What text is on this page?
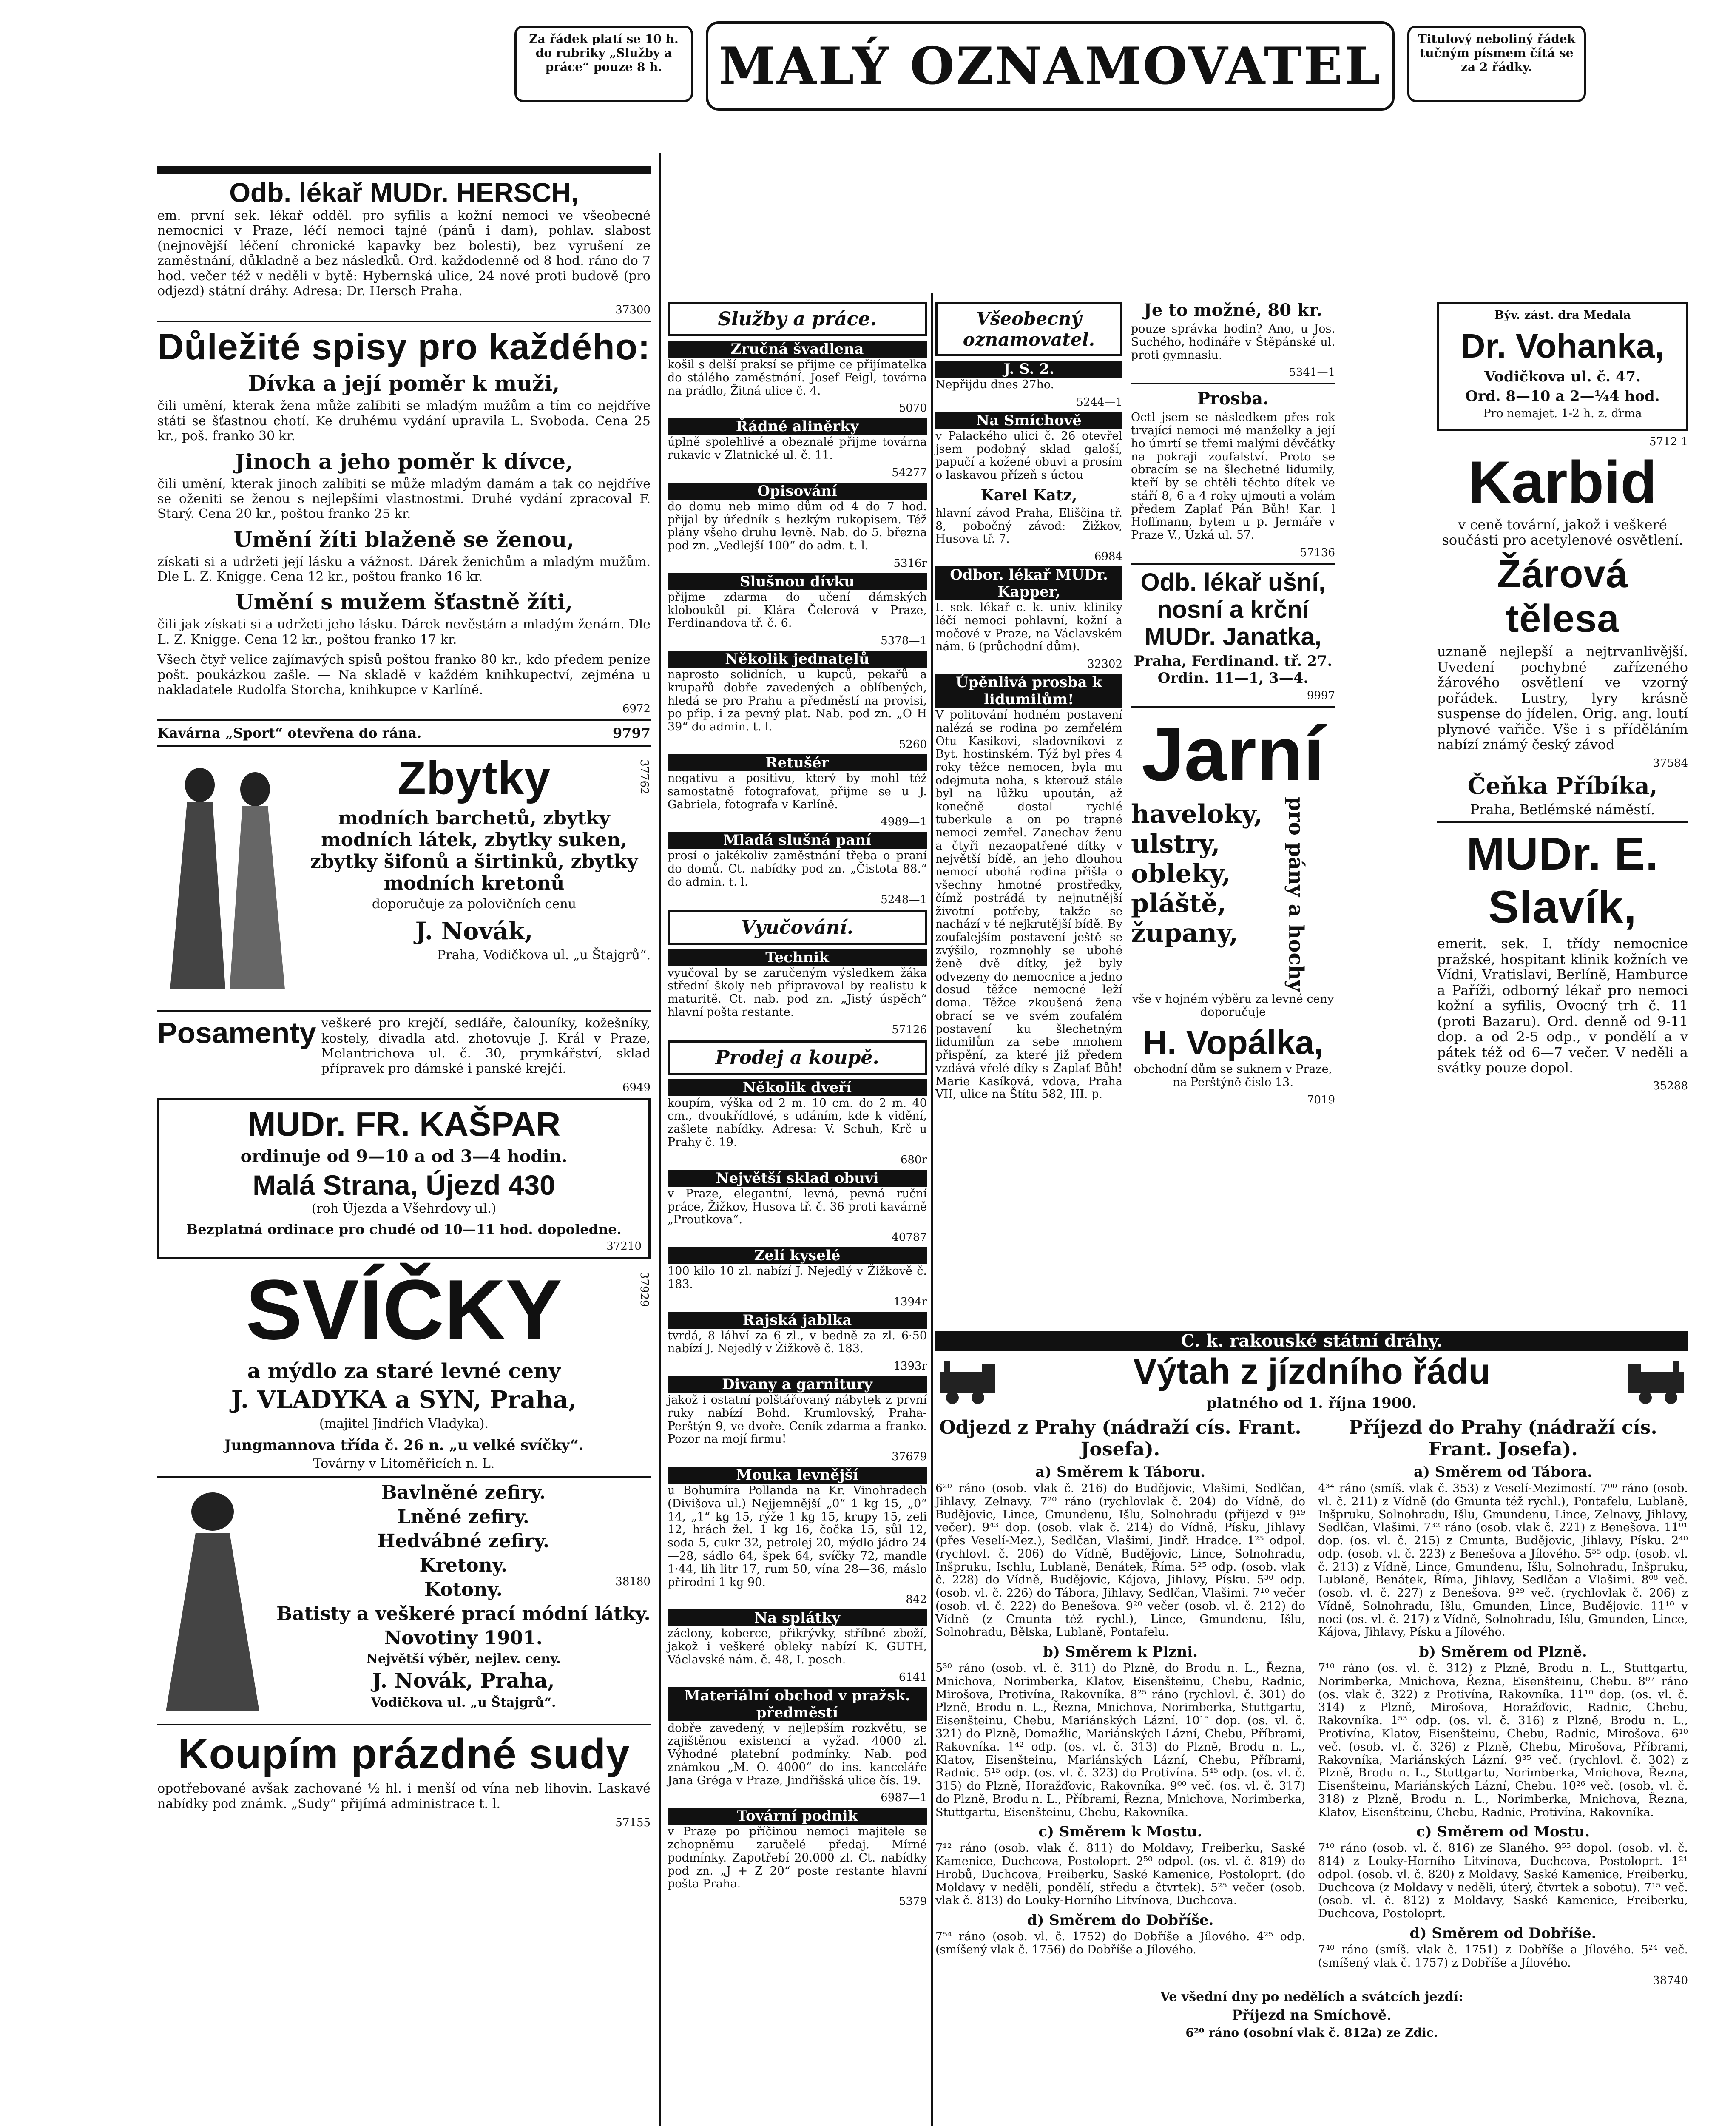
Za řádek platí se 10 h. do rubriky „Služby a práce“ pouze 8 h.	MALÝ OZNAMOVATEL	Titulový neboliný řádek tučným písmem čítá se za 2 řádky.
Odb. lékař MUDr. HERSCH,
em. první sek. lékař odděl. pro syfilis a kožní nemoci ve všeobecné nemocnici v Praze, léčí nemoci tajné (pánů i dam), pohlav. slabost (nejnovější léčení chronické kapavky bez bolesti), bez vyrušení ze zaměstnání, důkladně a bez následků. Ord. každodenně od 8 hod. ráno do 7 hod. večer též v neděli v bytě: Hybernská ulice, 24 nové proti budově (pro odjezd) státní dráhy. Adresa: Dr. Hersch Praha.
37300
Důležité spisy pro každého:
Dívka a její poměr k muži,
čili umění, kterak žena může zalíbiti se mladým mužům a tím co nejdříve státi se šťastnou chotí. Ke druhému vydání upravila L. Svoboda. Cena 25 kr., poš. franko 30 kr.
Jinoch a jeho poměr k dívce,
čili umění, kterak jinoch zalíbiti se může mladým damám a tak co nejdříve se oženiti se ženou s nejlepšími vlastnostmi. Druhé vydání zpracoval F. Starý. Cena 20 kr., poštou franko 25 kr.
Umění žíti blaženě se ženou,
získati si a udržeti její lásku a vážnost. Dárek ženichům a mladým mužům. Dle L. Z. Knigge. Cena 12 kr., poštou franko 16 kr.
Umění s mužem šťastně žíti,
čili jak získati si a udržeti jeho lásku. Dárek nevěstám a mladým ženám. Dle L. Z. Knigge. Cena 12 kr., poštou franko 17 kr.
Všech čtyř velice zajímavých spisů poštou franko 80 kr., kdo předem peníze pošt. poukázkou zašle. — Na skladě v každém knihkupectví, zejména u nakladatele Rudolfa Storcha, knihkupce v Karlíně.
6972
Kavárna „Sport“ otevřena do rána.	9797
Zbytky
modních barchetů, zbytky modních látek, zbytky suken, zbytky šifonů a širtinků, zbytky modních kretonů
doporučuje za polovičních cenu
J. Novák,
Praha, Vodičkova ul. „u Štajgrů“.
37762
Posamenty veškeré pro krejčí, sedláře, čalouníky, kožešníky, kostely, divadla atd. zhotovuje J. Král v Praze, Melantrichova ul. č. 30, prymkářství, sklad přípravek pro dámské i panské krejčí.
6949
MUDr. FR. KAŠPAR
ordinuje od 9—10 a od 3—4 hodin.
Malá Strana, Újezd 430
(roh Újezda a Všehrdovy ul.)
Bezplatná ordinace pro chudé od 10—11 hod. dopoledne.
37210
SVÍČKY
a mýdlo za staré levné ceny
J. VLADYKA a SYN, Praha,
(majitel Jindřich Vladyka).
Jungmannova třída č. 26 n. „u velké svíčky“.
Továrny v Litoměřicích n. L.
37929
Bavlněné zefiry.
Lněné zefiry.
Hedvábné zefiry.
Kretony.
Kotony.
Batisty a veškeré prací módní látky.
Novotiny 1901.
Největší výběr, nejlev. ceny.
J. Novák, Praha,
Vodičkova ul. „u Štajgrů“.
38180
Koupím prázdné sudy
opotřebované avšak zachované ½ hl. i menší od vína neb lihovin. Laskavé nabídky pod známk. „Sudy“ přijímá administrace t. l.
57155
Služby a práce.
Zručná švadlena
košil s delší praksí se přijme ce přijímatelka do stálého zaměstnání. Josef Feigl, továrna na prádlo, Žitná ulice č. 4.
5070
Řádné aliněrky
úplně spolehlivé a obeznalé přijme továrna rukavic v Zlatnické ul. č. 11.
54277
Opisování
do domu neb mimo dům od 4 do 7 hod. přijal by úředník s hezkým rukopisem. Též plány všeho druhu levně. Nab. do 5. března pod zn. „Vedlejší 100“ do adm. t. l.
5316r
Slušnou dívku
přijme zdarma do učení dámských kloboukůl pí. Klára Čelerová v Praze, Ferdinandova tř. č. 6.
5378—1
Několik jednatelů
naprosto solidních, u kupců, pekařů a krupařů dobře zavedených a oblíbených, hledá se pro Prahu a předměstí na provisi, po přip. i za pevný plat. Nab. pod zn. „O H 39“ do admin. t. l.
5260
Retušér
negativu a positivu, který by mohl též samostatně fotografovat, přijme se u J. Gabriela, fotografa v Karlíně.
4989—1
Mladá slušná paní
prosí o jakékoliv zaměstnání třeba o praní do domů. Ct. nabídky pod zn. „Čistota 88.“ do admin. t. l.
5248—1
Vyučování.
Technik
vyučoval by se zaručeným výsledkem žáka střední školy neb připravoval by realistu k maturitě. Ct. nab. pod zn. „Jistý úspěch“ hlavní pošta restante.
57126
Prodej a koupě.
Několik dveří
koupím, výška od 2 m. 10 cm. do 2 m. 40 cm., dvoukřídlové, s udáním, kde k vidění, zašlete nabídky. Adresa: V. Schuh, Krč u Prahy č. 19.
680r
Největší sklad obuvi
v Praze, elegantní, levná, pevná ruční práce, Žižkov, Husova tř. č. 36 proti kavárně „Proutkova“.
40787
Zelí kyselé
100 kilo 10 zl. nabízí J. Nejedlý v Žižkově č. 183.
1394r
Rajská jablka
tvrdá, 8 láhví za 6 zl., v bedně za zl. 6·50 nabízí J. Nejedlý v Žižkově č. 183.
1393r
Divany a garnitury
jakož i ostatní polštářovaný nábytek z první ruky nabízí Bohd. Krumlovský, Praha-Perštýn 9, ve dvoře. Ceník zdarma a franko. Pozor na mojí firmu!
37679
Mouka levnější
u Bohumíra Pollanda na Kr. Vinohradech (Divišova ul.) Nejjemnější „0“ 1 kg 15, „0“ 14, „1“ kg 15, rýže 1 kg 15, krupy 15, zeli 12, hrách žel. 1 kg 16, čočka 15, sůl 12, soda 5, cukr 32, petrolej 20, mýdlo jádro 24—28, sádlo 64, špek 64, svíčky 72, mandle 1·44, lih litr 17, rum 50, vína 28—36, máslo přírodní 1 kg 90.
842
Na splátky
záclony, koberce, přikrývky, stříbné zboží, jakož i veškeré obleky nabízí K. GUTH, Václavské nám. č. 48, I. posch.
6141
Materiální obchod v pražsk. předměstí
dobře zavedený, v nejlepším rozkvětu, se zajištěnou existencí a vyžad. 4000 zl. Výhodné platební podmínky. Nab. pod známkou „M. O. 4000“ do ins. kanceláře Jana Gréga v Praze, Jindřišská ulice čís. 19.
6987—1
Tovární podnik
v Praze po příčinou nemoci majitele se zchopněmu zaručelé předaj. Mírné podmínky. Zapotřebí 20.000 zl. Ct. nabídky pod zn. „J + Z 20“ poste restante hlavní pošta Praha.
5379
Všeobecný oznamovatel.
J. S. 2.
Nepřijdu dnes 27ho.
5244—1
Na Smíchově
v Palackého ulici č. 26 otevřel jsem podobný sklad galoší, papučí a kožené obuvi a prosím o laskavou přízeň s úctou
Karel Katz,
hlavní závod Praha, Eliščina tř. 8, pobočný závod: Žižkov, Husova tř. 7.
6984
Odbor. lékař MUDr. Kapper,
I. sek. lékař c. k. univ. kliniky léčí nemoci pohlavní, kožní a močové v Praze, na Václavském nám. 6 (průchodní dům).
32302
Úpěnlivá prosba k lidumilům!
V politování hodném postavení nalézá se rodina po zemřelém Otu Kasikovi, sladovníkovi z Byt. hostinském. Týž byl přes 4 roky těžce nemocen, byla mu odejmuta noha, s kterouž stále byl na lůžku upoután, až konečně dostal rychlé tuberkule a on po trapné nemoci zemřel. Zanechav ženu a čtyři nezaopatřené dítky v největší bídě, an jeho dlouhou nemocí ubohá rodina přišla o všechny hmotné prostředky, čímž postrádá ty nejnutnější životní potřeby, takže se nachází v té nejkrutější bídě. By zoufalejším postavení ještě se zvýšilo, rozmnohly se ubohé ženě dvě dítky, jež byly odvezeny do nemocnice a jedno dosud těžce nemocné leží doma. Těžce zkoušená žena obrací se ve svém zoufalém postavení ku šlechetným lidumilům za sebe mnohem přispění, za které již předem vzdává vřelé díky s Zaplať Bůh! Marie Kasíková, vdova, Praha VII, ulice na Štítu 582, III. p.
Je to možné, 80 kr.
pouze správka hodin? Ano, u Jos. Suchého, hodináře v Štěpánské ul. proti gymnasiu.
5341—1
Prosba.
Octl jsem se následkem přes rok trvající nemoci mé manželky a její ho úmrtí se třemi malými děvčátky na pokraji zoufalství. Proto se obracím se na šlechetné lidumily, kteří by se chtěli těchto dítek ve stáří 8, 6 a 4 roky ujmouti a volám předem Zaplať Pán Bůh! Kar. l Hoffmann, bytem u p. Jermáře v Praze V., Úzká ul. 57.
57136
Odb. lékař ušní, nosní a krční MUDr. Janatka,
Praha, Ferdinand. tř. 27. Ordin. 11—1, 3—4.
9997
Jarní
haveloky, ulstry, obleky, pláště, župany,	pro pány a hochy
vše v hojném výběru za levné ceny doporučuje
H. Vopálka,
obchodní dům se suknem v Praze, na Perštýně číslo 13.
7019
Býv. zást. dra Medala
Dr. Vohanka,
Vodičkova ul. č. 47.
Ord. 8—10 a 2—¼4 hod.
Pro nemajet. 1-2 h. z. ďrma
5712 1
Karbid
v ceně tovární, jakož i veškeré součásti pro acetylenové osvětlení.
Žárová tělesa
uznaně nejlepší a nejtrvanlivější. Uvedení pochybné zařízeného žárového osvětlení ve vzorný pořádek. Lustry, lyry krásně suspense do jídelen. Orig. ang. loutí plynové vařiče. Vše i s příděláním nabízí známý český závod
37584
Čeňka Příbíka,
Praha, Betlémské náměstí.
MUDr. E. Slavík,
emerit. sek. I. třídy nemocnice pražské, hospitant klinik kožních ve Vídni, Vratislavi, Berlíně, Hamburce a Paříži, odborný lékař pro nemoci kožní a syfilis, Ovocný trh č. 11 (proti Bazaru). Ord. denně od 9-11 dop. a od 2-5 odp., v pondělí a v pátek též od 6—7 večer. V neděli a svátky pouze dopol.
35288
C. k. rakouské státní dráhy.
Výtah z jízdního řádu
platného od 1. října 1900.
Odjezd z Prahy (nádraží cís. Frant. Josefa).
a) Směrem k Táboru.
6²⁰ ráno (osob. vlak č. 216) do Budějovic, Vlašimi, Sedlčan, Jihlavy, Zelnavy. 7²⁰ ráno (rychlovlak č. 204) do Vídně, do Budějovic, Lince, Gmundenu, Išlu, Solnohradu (přijezd v 9¹⁹ večer). 9⁴³ dop. (osob. vlak č. 214) do Vídně, Písku, Jihlavy (přes Veselí-Mez.), Sedlčan, Vlašimi, Jindř. Hradce. 1²⁵ odpol. (rychlovl. č. 206) do Vídně, Budějovic, Lince, Solnohradu, Inšpruku, Ischlu, Lublaně, Benátek, Říma. 5²⁵ odp. (osob. vlak č. 228) do Vídně, Budějovic, Kájova, Jihlavy, Písku. 5³⁰ odp. (osob. vl. č. 226) do Tábora, Jihlavy, Sedlčan, Vlašimi. 7¹⁰ večer (osob. vl. č. 222) do Benešova. 9²⁰ večer (osob. vl. č. 212) do Vídně (z Cmunta též rychl.), Lince, Gmundenu, Išlu, Solnohradu, Bělska, Lublaně, Pontafelu.
b) Směrem k Plzni.
5³⁰ ráno (osob. vl. č. 311) do Plzně, do Brodu n. L., Řezna, Mnichova, Norimberka, Klatov, Eisenšteinu, Chebu, Radnic, Mirošova, Protivína, Rakovníka. 8²⁵ ráno (rychlovl. č. 301) do Plzně, Brodu n. L., Řezna, Mnichova, Norimberka, Stuttgartu, Eisenšteinu, Chebu, Mariánských Lázní. 10¹⁵ dop. (os. vl. č. 321) do Plzně, Domažlic, Mariánských Lázní, Chebu, Příbrami, Rakovníka. 1⁴² odp. (os. vl. č. 313) do Plzně, Brodu n. L., Klatov, Eisenšteinu, Mariánských Lázní, Chebu, Příbrami, Radnic. 5¹⁵ odp. (os. vl. č. 323) do Protivína. 5⁴⁵ odp. (os. vl. č. 315) do Plzně, Horažďovic, Rakovníka. 9⁰⁰ več. (os. vl. č. 317) do Plzně, Brodu n. L., Příbrami, Řezna, Mnichova, Norimberka, Stuttgartu, Eisenšteinu, Chebu, Rakovníka.
c) Směrem k Mostu.
7¹² ráno (osob. vlak č. 811) do Moldavy, Freiberku, Saské Kamenice, Duchcova, Postoloprt. 2⁵⁰ odpol. (os. vl. č. 819) do Hrobů, Duchcova, Freiberku, Saské Kamenice, Postoloprt. (do Moldavy v neděli, pondělí, středu a čtvrtek). 5²⁵ večer (osob. vlak č. 813) do Louky-Horního Litvínova, Duchcova.
d) Směrem do Dobříše.
7⁵⁴ ráno (osob. vl. č. 1752) do Dobříše a Jílového. 4²⁵ odp. (smíšený vlak č. 1756) do Dobříše a Jílového.
Příjezd do Prahy (nádraží cís. Frant. Josefa).
a) Směrem od Tábora.
4³⁴ ráno (smíš. vlak č. 353) z Veselí-Mezimostí. 7⁰⁰ ráno (osob. vl. č. 211) z Vídně (do Gmunta též rychl.), Pontafelu, Lublaně, Inšpruku, Solnohradu, Išlu, Gmundenu, Lince, Zelnavy, Jihlavy, Sedlčan, Vlašimi. 7³² ráno (osob. vlak č. 221) z Benešova. 11⁰¹ dop. (os. vl. č. 215) z Cmunta, Budějovic, Jihlavy, Písku. 2⁴⁰ odp. (osob. vl. č. 223) z Benešova a Jílového. 5⁵⁵ odp. (osob. vl. č. 213) z Vídně, Lince, Gmundenu, Išlu, Solnohradu, Inšpruku, Lublaně, Benátek, Říma, Jihlavy, Sedlčan a Vlašimi. 8⁰⁸ več. (osob. vl. č. 227) z Benešova. 9²⁹ več. (rychlovlak č. 206) z Vídně, Solnohradu, Išlu, Gmunden, Lince, Budějovic. 11¹⁰ v noci (os. vl. č. 217) z Vídně, Solnohradu, Išlu, Gmunden, Lince, Kájova, Jihlavy, Písku a Jílového.
b) Směrem od Plzně.
7¹⁰ ráno (os. vl. č. 312) z Plzně, Brodu n. L., Stuttgartu, Norimberka, Mnichova, Řezna, Eisenšteinu, Chebu. 8⁰⁷ ráno (os. vlak č. 322) z Protivína, Rakovníka. 11¹⁰ dop. (os. vl. č. 314) z Plzně, Mirošova, Horažďovic, Radnic, Chebu, Rakovníka. 1⁵³ odp. (os. vl. č. 316) z Plzně, Brodu n. L., Protivína, Klatov, Eisenšteinu, Chebu, Radnic, Mirošova. 6¹⁰ več. (osob. vl. č. 326) z Plzně, Chebu, Mirošova, Příbrami, Rakovníka, Mariánských Lázní. 9³⁵ več. (rychlovl. č. 302) z Plzně, Brodu n. L., Stuttgartu, Norimberka, Mnichova, Řezna, Eisenšteinu, Mariánských Lázní, Chebu. 10²⁶ več. (osob. vl. č. 318) z Plzně, Brodu n. L., Norimberka, Mnichova, Řezna, Klatov, Eisenšteinu, Chebu, Radnic, Protivína, Rakovníka.
c) Směrem od Mostu.
7¹⁰ ráno (osob. vl. č. 816) ze Slaného. 9⁵⁵ dopol. (osob. vl. č. 814) z Louky-Horního Litvínova, Duchcova, Postoloprt. 1²¹ odpol. (osob. vl. č. 820) z Moldavy, Saské Kamenice, Freiberku, Duchcova (z Moldavy v neděli, úterý, čtvrtek a sobotu). 7¹⁵ več. (osob. vl. č. 812) z Moldavy, Saské Kamenice, Freiberku, Duchcova, Postoloprt.
d) Směrem od Dobříše.
7⁴⁰ ráno (smíš. vlak č. 1751) z Dobříše a Jílového. 5²⁴ več. (smíšený vlak č. 1757) z Dobříše a Jílového.
38740
Ve všední dny po nedělích a svátcích jezdí:
Příjezd na Smíchově.
6²⁰ ráno (osobní vlak č. 812a) ze Zdic.
